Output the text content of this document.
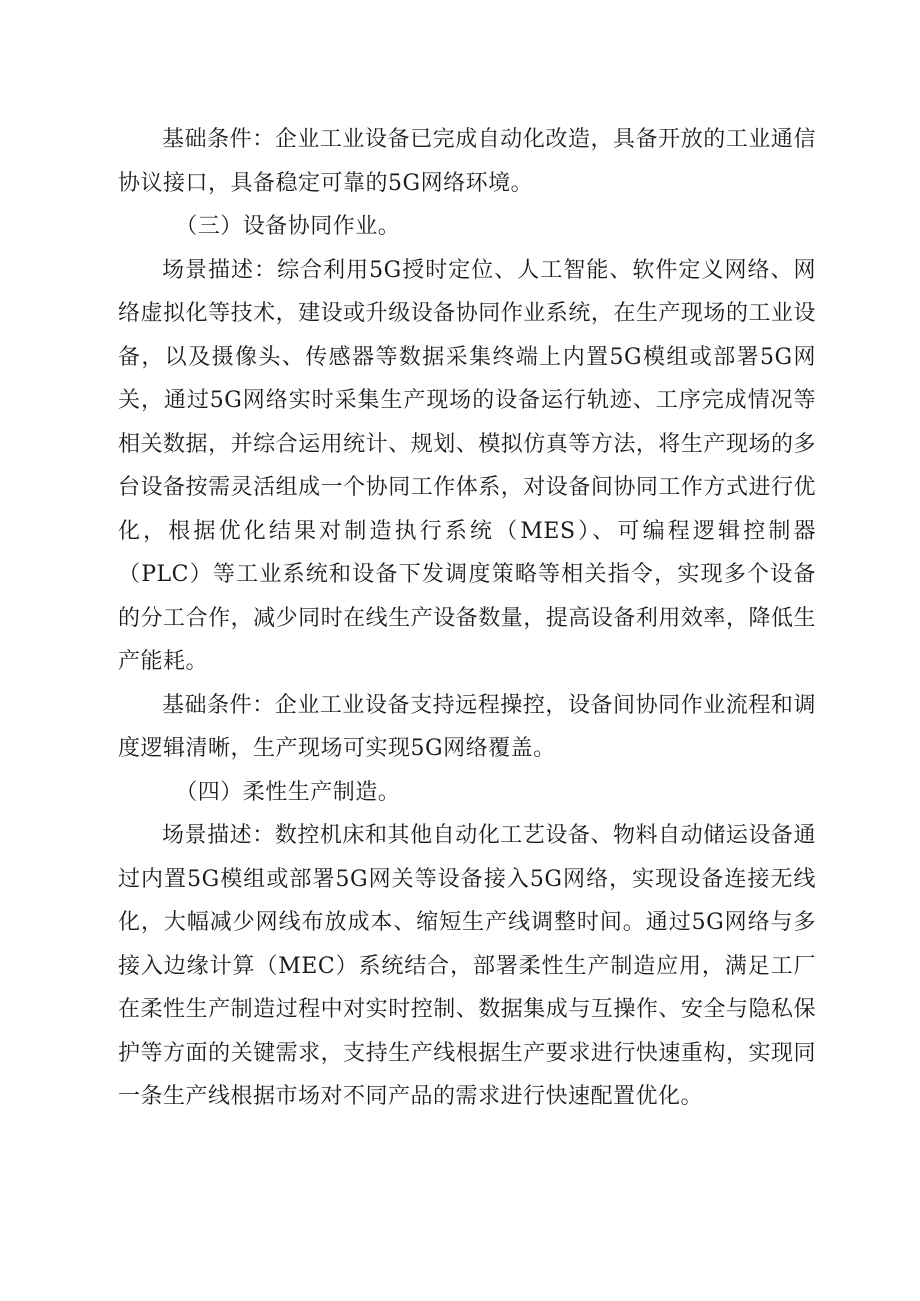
基础条件：企业工业设备已完成自动化改造，具备开放的工业通信协议接口，具备稳定可靠的5G网络环境。

（三）设备协同作业。

场景描述：综合利用5G授时定位、人工智能、软件定义网络、网络虚拟化等技术，建设或升级设备协同作业系统，在生产现场的工业设备，以及摄像头、传感器等数据采集终端上内置5G模组或部署5G网关，通过5G网络实时采集生产现场的设备运行轨迹、工序完成情况等相关数据，并综合运用统计、规划、模拟仿真等方法，将生产现场的多台设备按需灵活组成一个协同工作体系，对设备间协同工作方式进行优化，根据优化结果对制造执行系统（MES）、可编程逻辑控制器（PLC）等工业系统和设备下发调度策略等相关指令，实现多个设备的分工合作，减少同时在线生产设备数量，提高设备利用效率，降低生产能耗。

基础条件：企业工业设备支持远程操控，设备间协同作业流程和调度逻辑清晰，生产现场可实现5G网络覆盖。

（四）柔性生产制造。

场景描述：数控机床和其他自动化工艺设备、物料自动储运设备通过内置5G模组或部署5G网关等设备接入5G网络，实现设备连接无线化，大幅减少网线布放成本、缩短生产线调整时间。通过5G网络与多接入边缘计算（MEC）系统结合，部署柔性生产制造应用，满足工厂在柔性生产制造过程中对实时控制、数据集成与互操作、安全与隐私保护等方面的关键需求，支持生产线根据生产要求进行快速重构，实现同一条生产线根据市场对不同产品的需求进行快速配置优化。
